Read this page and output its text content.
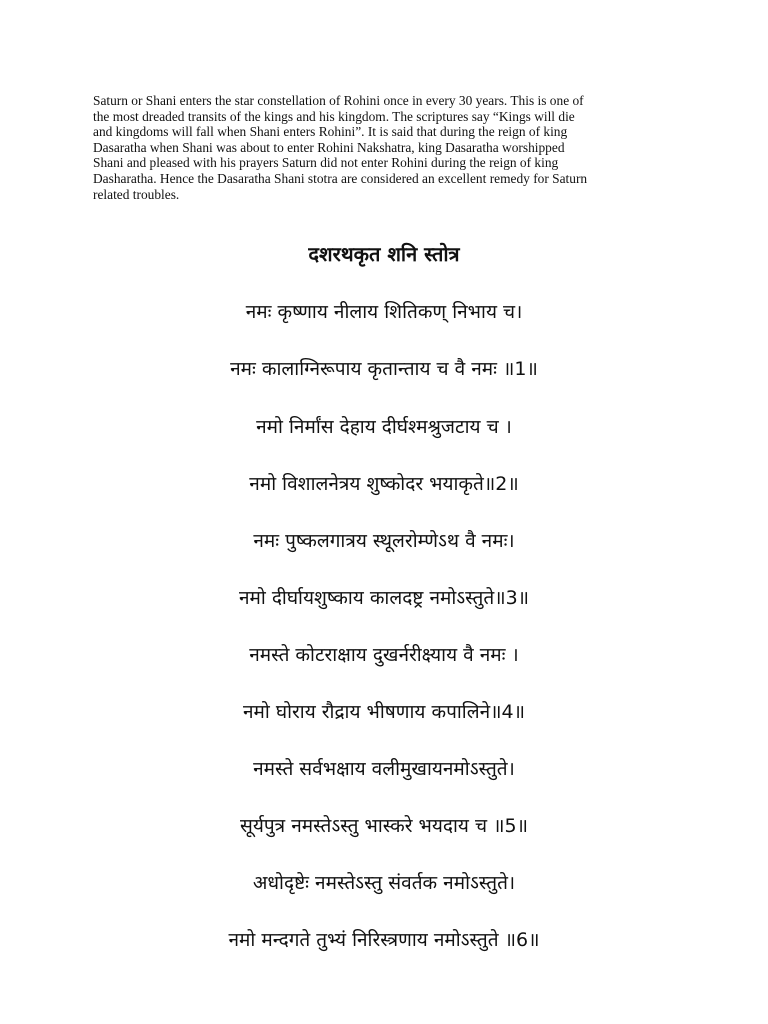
Saturn or Shani enters the star constellation of Rohini once in every 30 years. This is one of
the most dreaded transits of the kings and his kingdom. The scriptures say “Kings will die
and kingdoms will fall when Shani enters Rohini”. It is said that during the reign of king
Dasaratha when Shani was about to enter Rohini Nakshatra, king Dasaratha worshipped
Shani and pleased with his prayers Saturn did not enter Rohini during the reign of king
Dasharatha. Hence the Dasaratha Shani stotra are considered an excellent remedy for Saturn
related troubles.
दशरथकृत शनि स्तोत्र
नमः कृष्णाय नीलाय शितिकण् निभाय च।
नमः कालाग्निरूपाय कृतान्ताय च वै नमः ॥1॥
नमो निर्मांस देहाय दीर्घश्मश्रुजटाय च ।
नमो विशालनेत्रय शुष्कोदर भयाकृते॥2॥
नमः पुष्कलगात्रय स्थूलरोम्णेऽथ वै नमः।
नमो दीर्घायशुष्काय कालदष्ट्र नमोऽस्तुते॥3॥
नमस्ते कोटराक्षाय दुखर्नरीक्ष्याय वै नमः ।
नमो घोराय रौद्राय भीषणाय कपालिने॥4॥
नमस्ते सर्वभक्षाय वलीमुखायनमोऽस्तुते।
सूर्यपुत्र नमस्तेऽस्तु भास्करे भयदाय च ॥5॥
अधोदृष्टेः नमस्तेऽस्तु संवर्तक नमोऽस्तुते।
नमो मन्दगते तुभ्यं निरिस्त्रणाय नमोऽस्तुते ॥6॥
